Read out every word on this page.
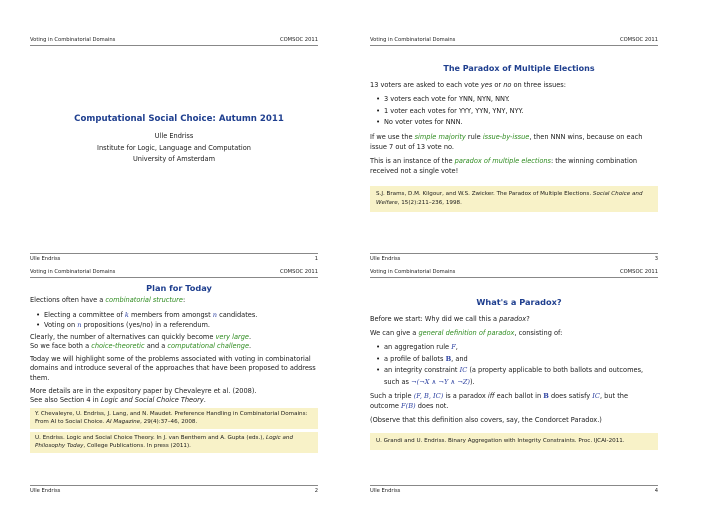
Voting in Combinatorial Domains	COMSOC 2011
Computational Social Choice: Autumn 2011
Ulle Endriss
Institute for Logic, Language and Computation
University of Amsterdam
Ulle Endriss	1
Voting in Combinatorial Domains	COMSOC 2011
The Paradox of Multiple Elections

13 voters are asked to each vote yes or no on three issues:

• 3 voters each vote for YNN, NYN, NNY.
• 1 voter each votes for YYY, YYN, YNY, NYY.
• No voter votes for NNN.

If we use the simple majority rule issue-by-issue, then NNN wins, because on each issue 7 out of 13 vote no.

This is an instance of the paradox of multiple elections: the winning combination received not a single vote!

S.J. Brams, D.M. Kilgour, and W.S. Zwicker. The Paradox of Multiple Elections. Social Choice and Welfare, 15(2):211–236, 1998.
Ulle Endriss	3
Voting in Combinatorial Domains	COMSOC 2011
Plan for Today

Elections often have a combinatorial structure:

• Electing a committee of k members from amongst n candidates.
• Voting on n propositions (yes/no) in a referendum.

Clearly, the number of alternatives can quickly become very large.

So we face both a choice-theoretic and a computational challenge.

Today we will highlight some of the problems associated with voting in combinatorial domains and introduce several of the approaches that have been proposed to address them.

More details are in the expository paper by Chevaleyre et al. (2008).

See also Section 4 in Logic and Social Choice Theory.

Y. Chevaleyre, U. Endriss, J. Lang, and N. Maudet. Preference Handling in Combinatorial Domains: From AI to Social Choice. AI Magazine, 29(4):37–46, 2008.
U. Endriss. Logic and Social Choice Theory. In J. van Benthem and A. Gupta (eds.), Logic and Philosophy Today, College Publications. In press (2011).
Ulle Endriss	2
Voting in Combinatorial Domains	COMSOC 2011
What's a Paradox?

Before we start: Why did we call this a paradox?

We can give a general definition of paradox, consisting of:

• an aggregation rule F,
• a profile of ballots B, and
• an integrity constraint IC (a property applicable to both ballots and outcomes, such as ¬(¬X ∧ ¬Y ∧ ¬Z)).

Such a triple (F, B, IC) is a paradox iff each ballot in B does satisfy IC, but the outcome F(B) does not.

(Observe that this definition also covers, say, the Condorcet Paradox.)

U. Grandi and U. Endriss. Binary Aggregation with Integrity Constraints. Proc. IJCAI-2011.
Ulle Endriss	4
